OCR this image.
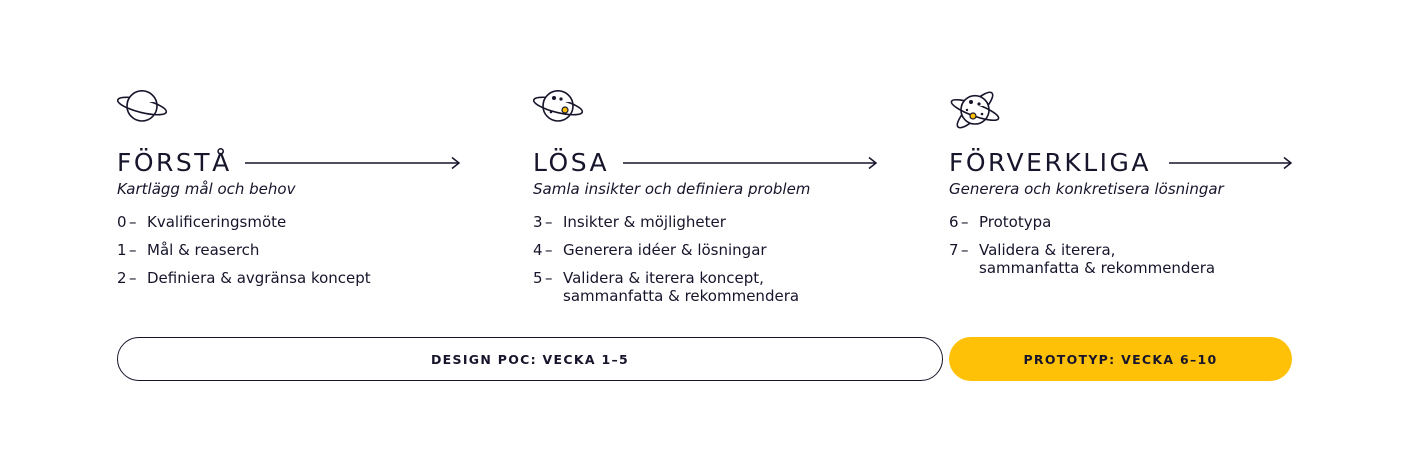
FÖRSTÅ
Kartlägg mål och behov
0 – Kvalificeringsmöte
1 – Mål & reaserch
2 – Definiera & avgränsa koncept
LÖSA
Samla insikter och definiera problem
3 – Insikter & möjligheter
4 – Generera idéer & lösningar
5 – Validera & iterera koncept,
sammanfatta & rekommendera
FÖRVERKLIGA
Generera och konkretisera lösningar
6 – Prototypa
7 – Validera & iterera,
sammanfatta & rekommendera
DESIGN POC: VECKA 1–5	PROTOTYP: VECKA 6–10
